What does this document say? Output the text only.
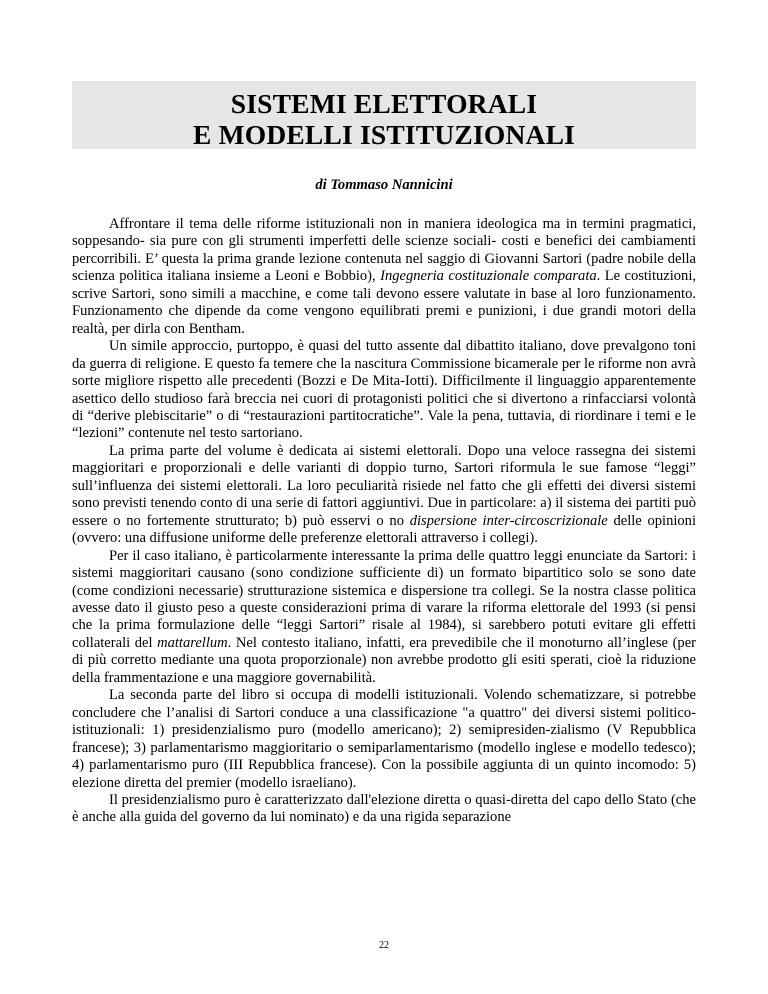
SISTEMI ELETTORALI
E MODELLI ISTITUZIONALI
di Tommaso Nannicini

Affrontare il tema delle riforme istituzionali non in maniera ideologica ma in termini pragmatici, soppesando- sia pure con gli strumenti imperfetti delle scienze sociali- costi e benefici dei cambiamenti percorribili. E’ questa la prima grande lezione contenuta nel saggio di Giovanni Sartori (padre nobile della scienza politica italiana insieme a Leoni e Bobbio), Ingegneria costituzionale comparata. Le costituzioni, scrive Sartori, sono simili a macchine, e come tali devono essere valutate in base al loro funzionamento. Funzionamento che dipende da come vengono equilibrati premi e punizioni, i due grandi motori della realtà, per dirla con Bentham.

Un simile approccio, purtoppo, è quasi del tutto assente dal dibattito italiano, dove prevalgono toni da guerra di religione. E questo fa temere che la nascitura Commissione bicamerale per le riforme non avrà sorte migliore rispetto alle precedenti (Bozzi e De Mita-Iotti). Difficilmente il linguaggio apparentemente asettico dello studioso farà breccia nei cuori di protagonisti politici che si divertono a rinfacciarsi volontà di “derive plebiscitarie” o di “restaurazioni partitocratiche”. Vale la pena, tuttavia, di riordinare i temi e le “lezioni” contenute nel testo sartoriano.

La prima parte del volume è dedicata ai sistemi elettorali. Dopo una veloce rassegna dei sistemi maggioritari e proporzionali e delle varianti di doppio turno, Sartori riformula le sue famose “leggi” sull’influenza dei sistemi elettorali. La loro peculiarità risiede nel fatto che gli effetti dei diversi sistemi sono previsti tenendo conto di una serie di fattori aggiuntivi. Due in particolare: a) il sistema dei partiti può essere o no fortemente strutturato; b) può esservi o no dispersione inter-circoscrizionale delle opinioni (ovvero: una diffusione uniforme delle preferenze elettorali attraverso i collegi).

Per il caso italiano, è particolarmente interessante la prima delle quattro leggi enunciate da Sartori: i sistemi maggioritari causano (sono condizione sufficiente di) un formato bipartitico solo se sono date (come condizioni necessarie) strutturazione sistemica e dispersione tra collegi. Se la nostra classe politica avesse dato il giusto peso a queste considerazioni prima di varare la riforma elettorale del 1993 (si pensi che la prima formulazione delle “leggi Sartori” risale al 1984), si sarebbero potuti evitare gli effetti collaterali del mattarellum. Nel contesto italiano, infatti, era prevedibile che il monoturno all’inglese (per di più corretto mediante una quota proporzionale) non avrebbe prodotto gli esiti sperati, cioè la riduzione della frammentazione e una maggiore governabilità.

La seconda parte del libro si occupa di modelli istituzionali. Volendo schematizzare, si potrebbe concludere che l’analisi di Sartori conduce a una classificazione "a quattro" dei diversi sistemi politico-istituzionali: 1) presidenzialismo puro (modello americano); 2) semipresiden-zialismo (V Repubblica francese); 3) parlamentarismo maggioritario o semiparlamentarismo (modello inglese e modello tedesco); 4) parlamentarismo puro (III Repubblica francese). Con la possibile aggiunta di un quinto incomodo: 5) elezione diretta del premier (modello israeliano).

Il presidenzialismo puro è caratterizzato dall'elezione diretta o quasi-diretta del capo dello Stato (che è anche alla guida del governo da lui nominato) e da una rigida separazione

22
